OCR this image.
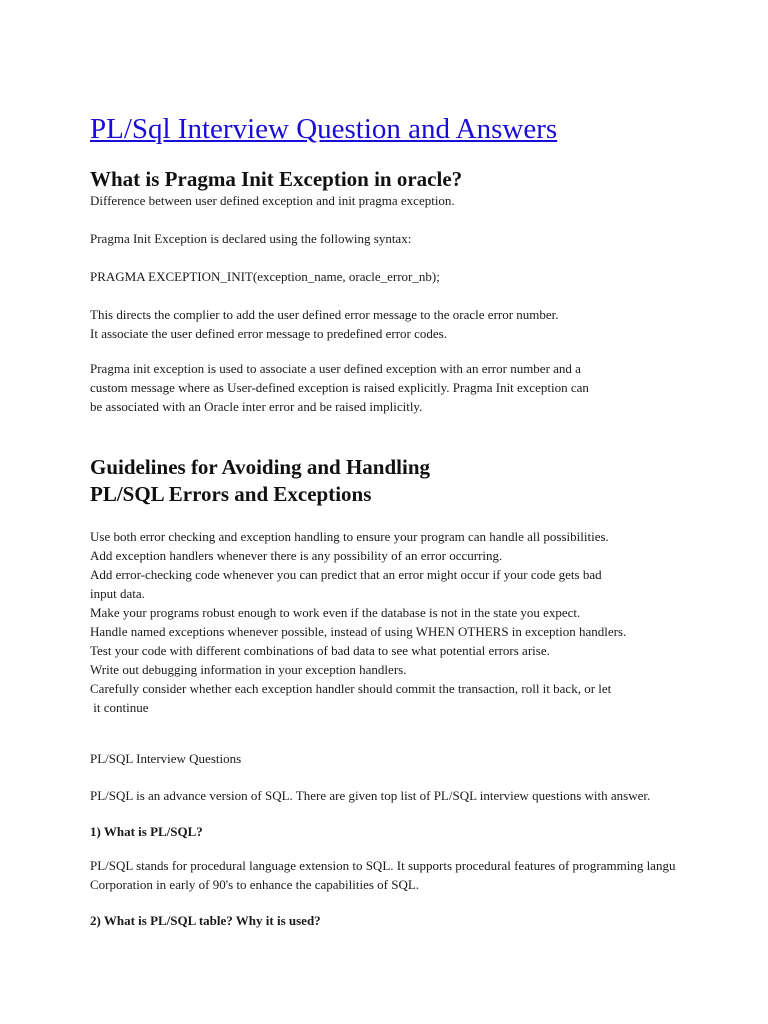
PL/Sql Interview Question and Answers
What is Pragma Init Exception in oracle?
Difference between user defined exception and init pragma exception.
Pragma Init Exception is declared using the following syntax:
PRAGMA EXCEPTION_INIT(exception_name, oracle_error_nb);
This directs the complier to add the user defined error message to the oracle error number.
It associate the user defined error message to predefined error codes.
Pragma init exception is used to associate a user defined exception with an error number and a
custom message where as User-defined exception is raised explicitly. Pragma Init exception can
be associated with an Oracle inter error and be raised implicitly.
Guidelines for Avoiding and Handling
PL/SQL Errors and Exceptions
Use both error checking and exception handling to ensure your program can handle all possibilities.
Add exception handlers whenever there is any possibility of an error occurring.
Add error-checking code whenever you can predict that an error might occur if your code gets bad
input data.
Make your programs robust enough to work even if the database is not in the state you expect.
Handle named exceptions whenever possible, instead of using WHEN OTHERS in exception handlers.
Test your code with different combinations of bad data to see what potential errors arise.
Write out debugging information in your exception handlers.
Carefully consider whether each exception handler should commit the transaction, roll it back, or let
it continue
PL/SQL Interview Questions
PL/SQL is an advance version of SQL. There are given top list of PL/SQL interview questions with answer.
1) What is PL/SQL?
PL/SQL stands for procedural language extension to SQL. It supports procedural features of programming langu
Corporation in early of 90's to enhance the capabilities of SQL.
2) What is PL/SQL table? Why it is used?
